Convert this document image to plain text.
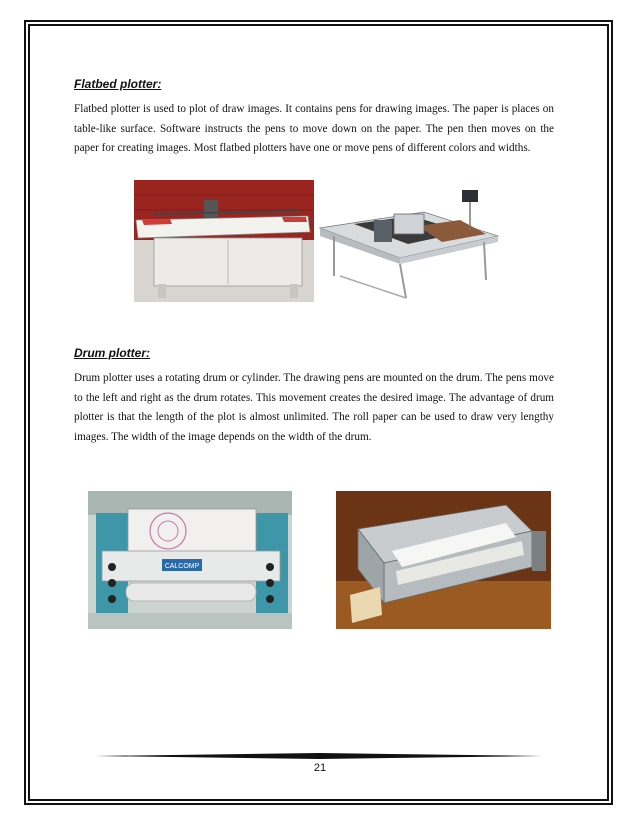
Flatbed plotter:
Flatbed plotter is used to plot of draw images. It contains pens for drawing images. The paper is places on table-like surface. Software instructs the pens to move down on the paper. The pen then moves on the paper for creating images. Most flatbed plotters have one or move pens of different colors and widths.
Drum plotter:
Drum plotter uses a rotating drum or cylinder. The drawing pens are mounted on the drum. The pens move to the left and right as the drum rotates. This movement creates the desired image. The advantage of drum plotter is that the length of the plot is almost unlimited. The roll paper can be used to draw very lengthy images. The width of the image depends on the width of the drum.
CALCOMP
21
